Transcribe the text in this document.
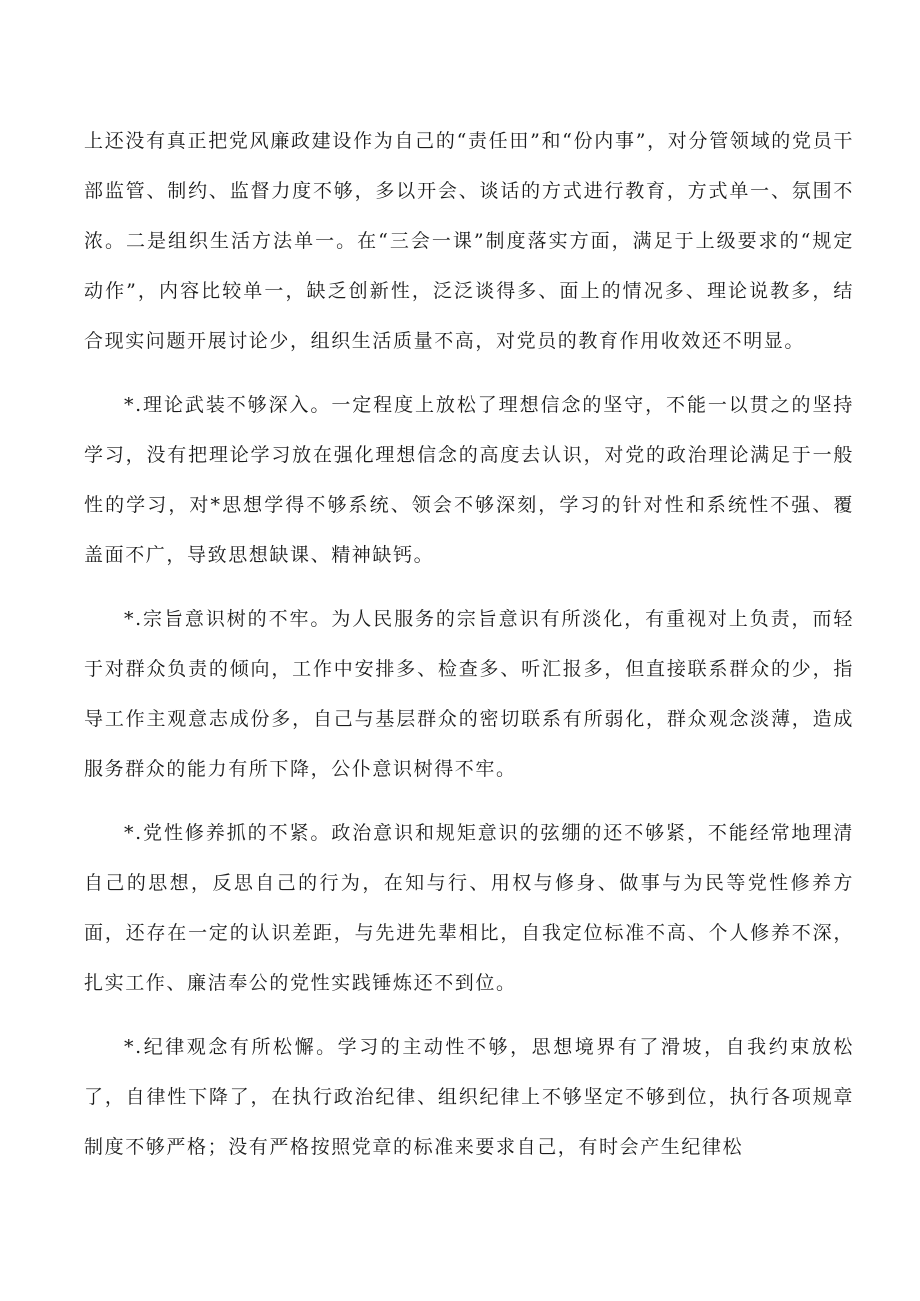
上还没有真正把党风廉政建设作为自己的“责任田”和“份内事”，对分管领域的党员干部监管、制约、监督力度不够，多以开会、谈话的方式进行教育，方式单一、氛围不浓。二是组织生活方法单一。在“三会一课”制度落实方面，满足于上级要求的“规定动作”，内容比较单一，缺乏创新性，泛泛谈得多、面上的情况多、理论说教多，结合现实问题开展讨论少，组织生活质量不高，对党员的教育作用收效还不明显。

*.理论武装不够深入。一定程度上放松了理想信念的坚守，不能一以贯之的坚持学习，没有把理论学习放在强化理想信念的高度去认识，对党的政治理论满足于一般性的学习，对*思想学得不够系统、领会不够深刻，学习的针对性和系统性不强、覆盖面不广，导致思想缺课、精神缺钙。

*.宗旨意识树的不牢。为人民服务的宗旨意识有所淡化，有重视对上负责，而轻于对群众负责的倾向，工作中安排多、检查多、听汇报多，但直接联系群众的少，指导工作主观意志成份多，自己与基层群众的密切联系有所弱化，群众观念淡薄，造成服务群众的能力有所下降，公仆意识树得不牢。

*.党性修养抓的不紧。政治意识和规矩意识的弦绷的还不够紧，不能经常地理清自己的思想，反思自己的行为，在知与行、用权与修身、做事与为民等党性修养方面，还存在一定的认识差距，与先进先辈相比，自我定位标准不高、个人修养不深，扎实工作、廉洁奉公的党性实践锤炼还不到位。

*.纪律观念有所松懈。学习的主动性不够，思想境界有了滑坡，自我约束放松了，自律性下降了，在执行政治纪律、组织纪律上不够坚定不够到位，执行各项规章制度不够严格；没有严格按照党章的标准来要求自己，有时会产生纪律松
